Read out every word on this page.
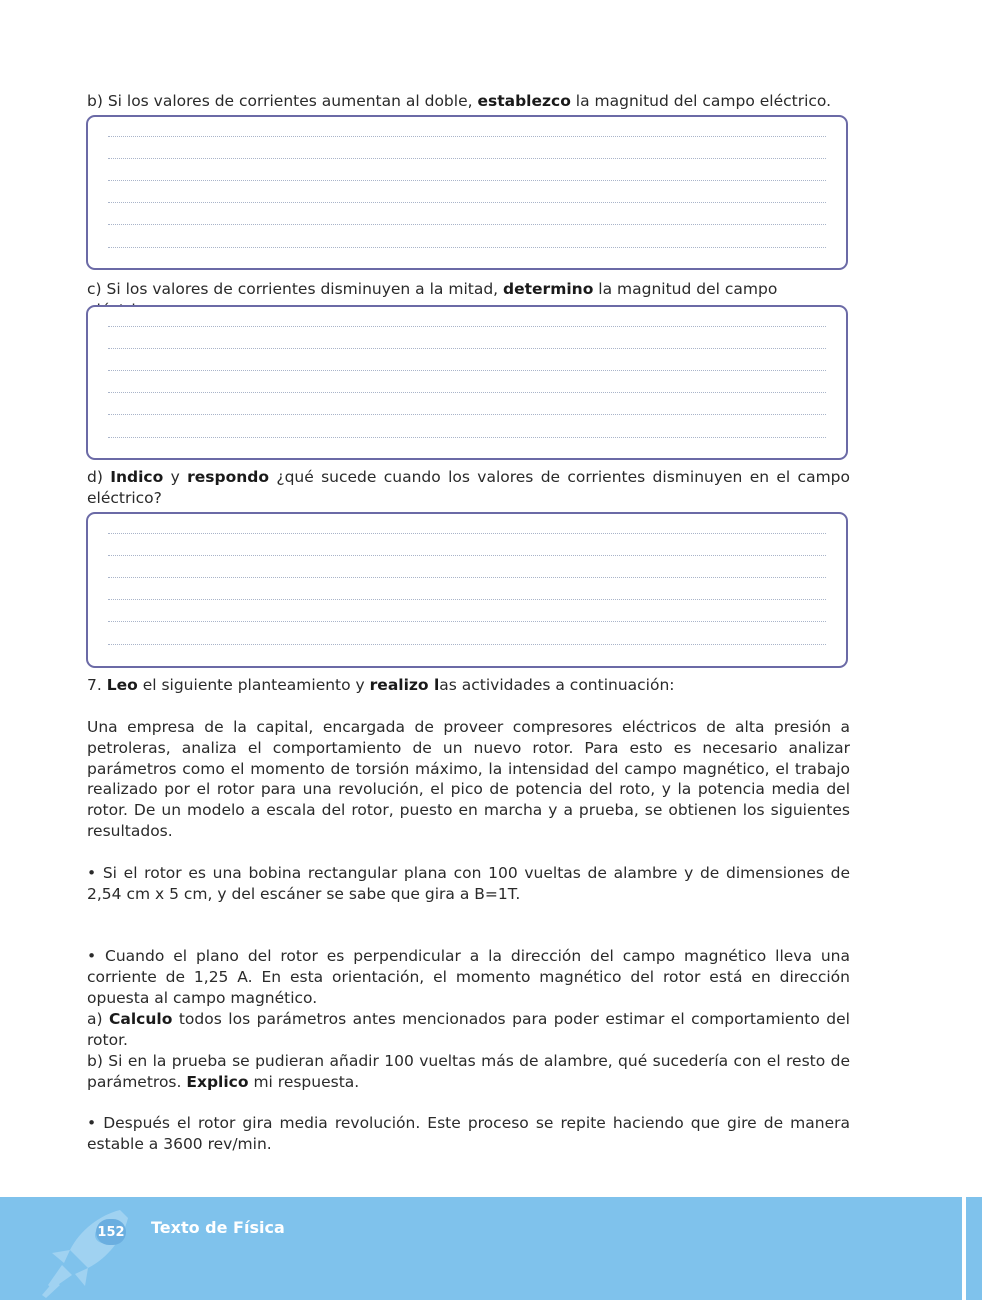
b) Si los valores de corrientes aumentan al doble, establezco la magnitud del campo eléctrico.

c) Si los valores de corrientes disminuyen a la mitad, determino la magnitud del campo

d) Indico y respondo ¿qué sucede cuando los valores de corrientes disminuyen en el campo eléctrico?

7. Leo el siguiente planteamiento y realizo las actividades a continuación:

Una empresa de la capital, encargada de proveer compresores eléctricos de alta presión a petroleras, analiza el comportamiento de un nuevo rotor. Para esto es necesario analizar parámetros como el momento de torsión máximo, la intensidad del campo magnético, el trabajo realizado por el rotor para una revolución, el pico de potencia del roto, y la potencia media del rotor. De un modelo a escala del rotor, puesto en marcha y a prueba, se obtienen los siguientes resultados.

• Si el rotor es una bobina rectangular plana con 100 vueltas de alambre y de dimensiones de 2,54 cm x 5 cm, y del escáner se sabe que gira a B=1T.

• Cuando el plano del rotor es perpendicular a la dirección del campo magnético lleva una corriente de 1,25 A. En esta orientación, el momento magnético del rotor está en dirección opuesta al campo magnético.

a) Calculo todos los parámetros antes mencionados para poder estimar el comportamiento del rotor.

b) Si en la prueba se pudieran añadir 100 vueltas más de alambre, qué sucedería con el resto de parámetros. Explico mi respuesta.

• Después el rotor gira media revolución. Este proceso se repite haciendo que gire de manera estable a 3600 rev/min.

152 Texto de Física
